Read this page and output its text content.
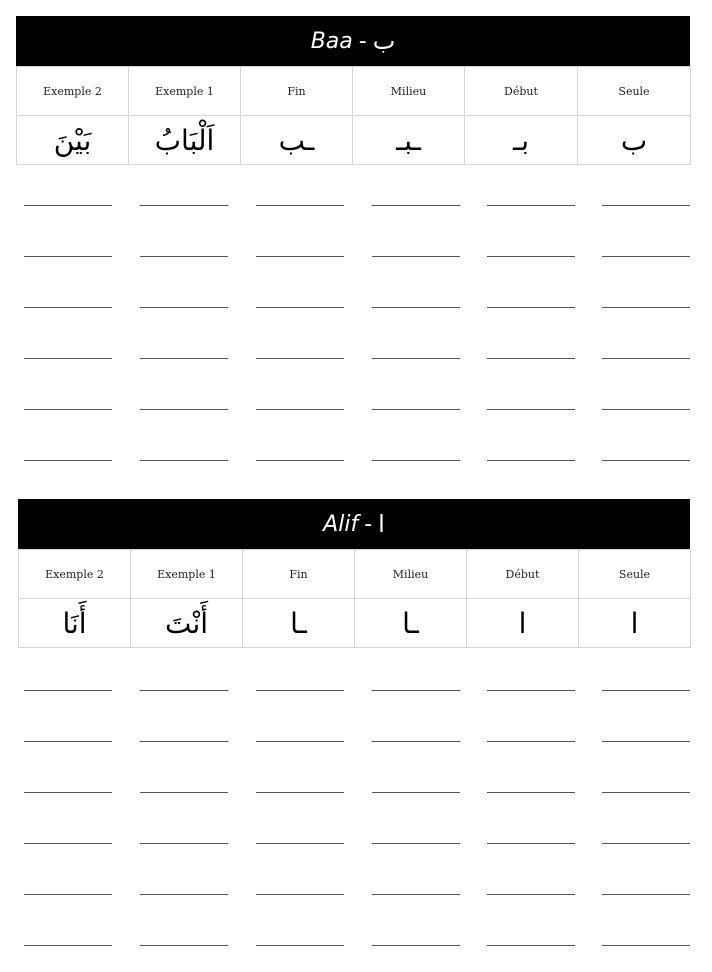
Baa - ب
Exemple 2	Exemple 1	Fin	Milieu	Début	Seule
بَيْنَ	اَلْبَابُ	ـب	ـبـ	بـ	ب
Alif - ا
Exemple 2	Exemple 1	Fin	Milieu	Début	Seule
أَنَا	أَنْتَ	ـا	ـا	ا	ا
